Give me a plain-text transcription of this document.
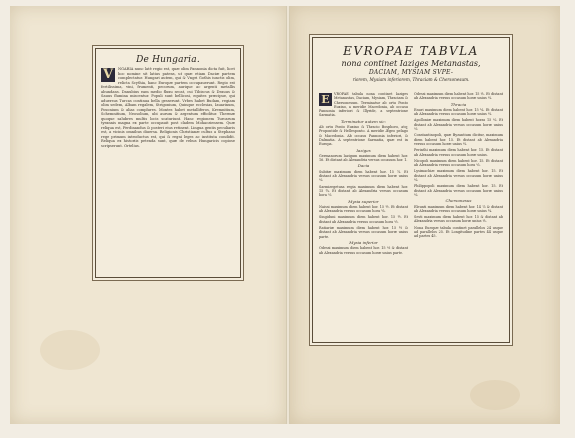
De Hungaria.
V	NGARIA nunc latè regio est, quæ olim Pannonia dicta fuit, licet hoc nomine sit latius patens, ut quæ etiam Daciæ partem complectatur. Hungari autem, qui & Vngri Gothis iunctis olim, relicta Scythia, hanc Europæ partem occupauerunt. Regio est fertilissima, vini, frumenti, pecorum, aurique ac argenti metallis abundans. Danubius eam medio fluxu secat, cui Tibiscus & Drauus & Sauus flumina miscentur. Populi sunt bellicosi, equites præcipue, qui aduersus Turcas continua bella gesserunt. Vrbes habet Budam, regiam olim sedem, Albam regalem, Strigonium, Quinque ecclesias, Iauarinum, Posonium & alias complures. Montes habet metalliferos, Kremnitium, Schemnitium, Neosolium, ubi aurum & argentum effoditur. Thermæ quoque salubres multis locis scaturiunt. Hanc regionem Turcarum tyrannis magna ex parte occupauit post cladem Mohacziensem. Quæ reliqua est, Ferdinandus & posteri eius retinent. Lingua gentis peculiaris est, a vicinis omnibus diuersa. Religionis Christianæ cultus a Stephano rege primum introductus est, qui & regni leges ac instituta condidit. Reliqua ex historiis petenda sunt, quæ de rebus Hungaricis copiose scripserunt. Ortelius.
EVROPAE TABVLA
nona continet Iaziges Metanastas,
DACIAM, MYSIAM SVPE-
riorem, Mysiam inferiorem, Thraciam & Chersonesum.
E	VROPAE tabula nona continet Iaziges Metanastas, Daciam, Mysiam, Thraciam & Chersonesum. Terminatur ab ortu Ponto Euxino, a meridie Macedonia, ab occasu Pannonia inferiori & Illyride, a septentrione Sarmatia.
Terminatur autem sic:
Ab ortu Ponto Euxino & Thracio Bosphoro, atq; Propontide & Hellesponto. A meridie Ægeo pelago & Macedonia. Ab occasu Pannonia inferiori, & Dalmatia. A septentrione Sarmatia, quæ est in Europa.
Iaziges
Germanorum Iazigum maximum diem habent hor. 16. Et distant ab Alexandria versus occasum hor. 1.
Dacia
Subitæ maximum diem habent hor. 15 ⅞. Et distant ab Alexandria versus occasum horæ unius ⅛.
Sarmizegetusa regia maximum diem habent hor. 15 ¾. Et distant ab Alexandria versus occasum hora ⅙.
Mysia superior
Naissi maximum diem habent hor. 15 ½. Et distant ab Alexandria versus occasum hora ¼.
Singiduni maximum diem habent hor. 15 ½. Et distant ab Alexandria versus occasum hora ⅓.
Ratiariæ maximum diem habent hor. 15 ½ & distant ab Alexandria versus occasum horæ unius parte.
Mysia inferior
Odessi maximum diem habent hor. 15 ⅓ & distant ab Alexandria versus occasum horæ unius parte.
Odessi maximum diem habent hor. 15 ⅛. Et distant ab Alexandria versus occasum horæ unius ⅛.
Thracia
Enuri maximum diem habent hor. 15 ¼. Et distant ab Alexandria versus occasum horæ unius ⅛.
Apolloniæ maximum diem habent horas 15 ⅛. Et distant ab Alexandria versus occasum horæ unius ⅙.
Constantinopoli, quæ Byzantium dicitur, maximum diem habent hor. 15. Et distant ab Alexandria versus occasum horæ unius ⅛.
Perinthi maximum diem habent hor. 15. Et distant ab Alexandria versus occasum horæ unius.
Nicopoli maximum diem habent hor. 15. Et distant ab Alexandria versus occasum hora ⅛.
Lysimachiæ maximum diem habent hor. 15. Et distant ab Alexandria versus occasum horæ unius ⅛.
Philippopoli maximum diem habent hor. 15. Et distant ab Alexandria versus occasum horæ unius ⅛.
Chersonesus
Eleunti maximum diem habent hor. 14 ⅞ & distant ab Alexandria versus occasum horæ unius ¼.
Sesti maximum diem habent hor. 15 & distant ab Alexandria versus occasum horæ unius ⅛.
Nona Europæ tabula continet parallelos 24 usque ad parallelos 25. Et Longitudine partes 44 usque ad partes 45.
